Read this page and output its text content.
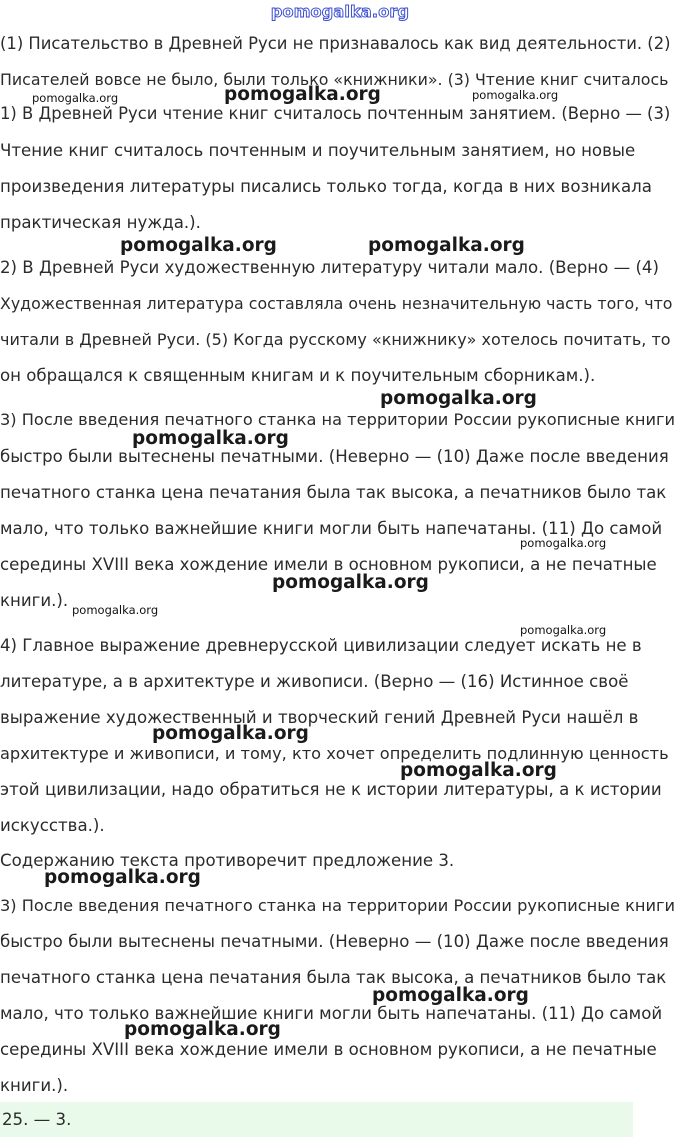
pomogalka.org
(1) Писательство в Древней Руси не признавалось как вид деятельности. (2)
Писателей вовсе не было, были только «книжники». (3) Чтение книг считалось
1) В Древней Руси чтение книг считалось почтенным занятием. (Верно — (3)
Чтение книг считалось почтенным и поучительным занятием, но новые
произведения литературы писались только тогда, когда в них возникала
практическая нужда.).
2) В Древней Руси художественную литературу читали мало. (Верно — (4)
Художественная литература составляла очень незначительную часть того, что
читали в Древней Руси. (5) Когда русскому «книжнику» хотелось почитать, то
он обращался к священным книгам и к поучительным сборникам.).
3) После введения печатного станка на территории России рукописные книги
быстро были вытеснены печатными. (Неверно — (10) Даже после введения
печатного станка цена печатания была так высока, а печатников было так
мало, что только важнейшие книги могли быть напечатаны. (11) До самой
середины XVIII века хождение имели в основном рукописи, а не печатные
книги.).
4) Главное выражение древнерусской цивилизации следует искать не в
литературе, а в архитектуре и живописи. (Верно — (16) Истинное своё
выражение художественный и творческий гений Древней Руси нашёл в
архитектуре и живописи, и тому, кто хочет определить подлинную ценность
этой цивилизации, надо обратиться не к истории литературы, а к истории
искусства.).
Содержанию текста противоречит предложение 3.
3) После введения печатного станка на территории России рукописные книги
быстро были вытеснены печатными. (Неверно — (10) Даже после введения
печатного станка цена печатания была так высока, а печатников было так
мало, что только важнейшие книги могли быть напечатаны. (11) До самой
середины XVIII века хождение имели в основном рукописи, а не печатные
книги.).
25. — 3.
pomogalka.org	pomogalka.org	pomogalka.org
pomogalka.org	pomogalka.org
pomogalka.org
pomogalka.org
pomogalka.org
pomogalka.org
pomogalka.org
pomogalka.org
pomogalka.org
pomogalka.org
pomogalka.org
pomogalka.org
pomogalka.org
